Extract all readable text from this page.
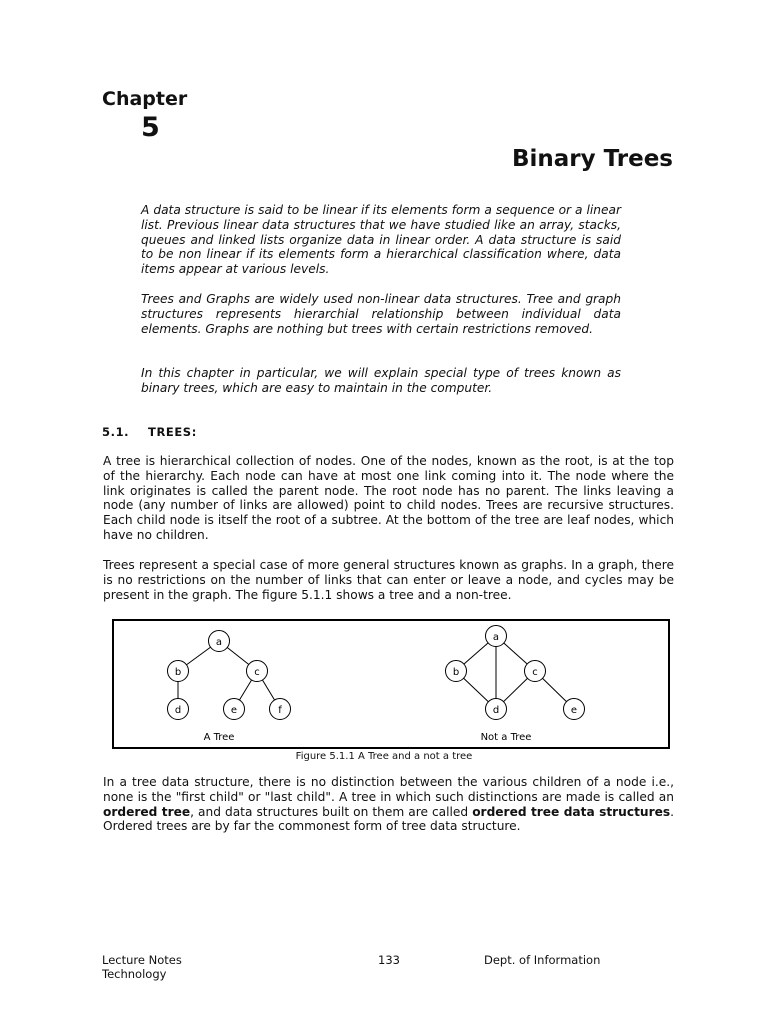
Chapter
5
Binary Trees
A data structure is said to be linear if its elements form a sequence or a linear list. Previous linear data structures that we have studied like an array, stacks, queues and linked lists organize data in linear order. A data structure is said to be non linear if its elements form a hierarchical classification where, data items appear at various levels.
Trees and Graphs are widely used non-linear data structures. Tree and graph structures represents hierarchial relationship between individual data elements. Graphs are nothing but trees with certain restrictions removed.
In this chapter in particular, we will explain special type of trees known as binary trees, which are easy to maintain in the computer.
5.1. TREES:
A tree is hierarchical collection of nodes. One of the nodes, known as the root, is at the top of the hierarchy. Each node can have at most one link coming into it. The node where the link originates is called the parent node. The root node has no parent. The links leaving a node (any number of links are allowed) point to child nodes. Trees are recursive structures. Each child node is itself the root of a subtree. At the bottom of the tree are leaf nodes, which have no children.
Trees represent a special case of more general structures known as graphs. In a graph, there is no restrictions on the number of links that can enter or leave a node, and cycles may be present in the graph. The figure 5.1.1 shows a tree and a non-tree.
a
b	c
d	e	f
a
b	c
d	e
A Tree	Not a Tree
Figure 5.1.1 A Tree and a not a tree
In a tree data structure, there is no distinction between the various children of a node i.e., none is the "first child" or "last child". A tree in which such distinctions are made is called an ordered tree, and data structures built on them are called ordered tree data structures. Ordered trees are by far the commonest form of tree data structure.
Lecture Notes
Technology
133	Dept. of Information
